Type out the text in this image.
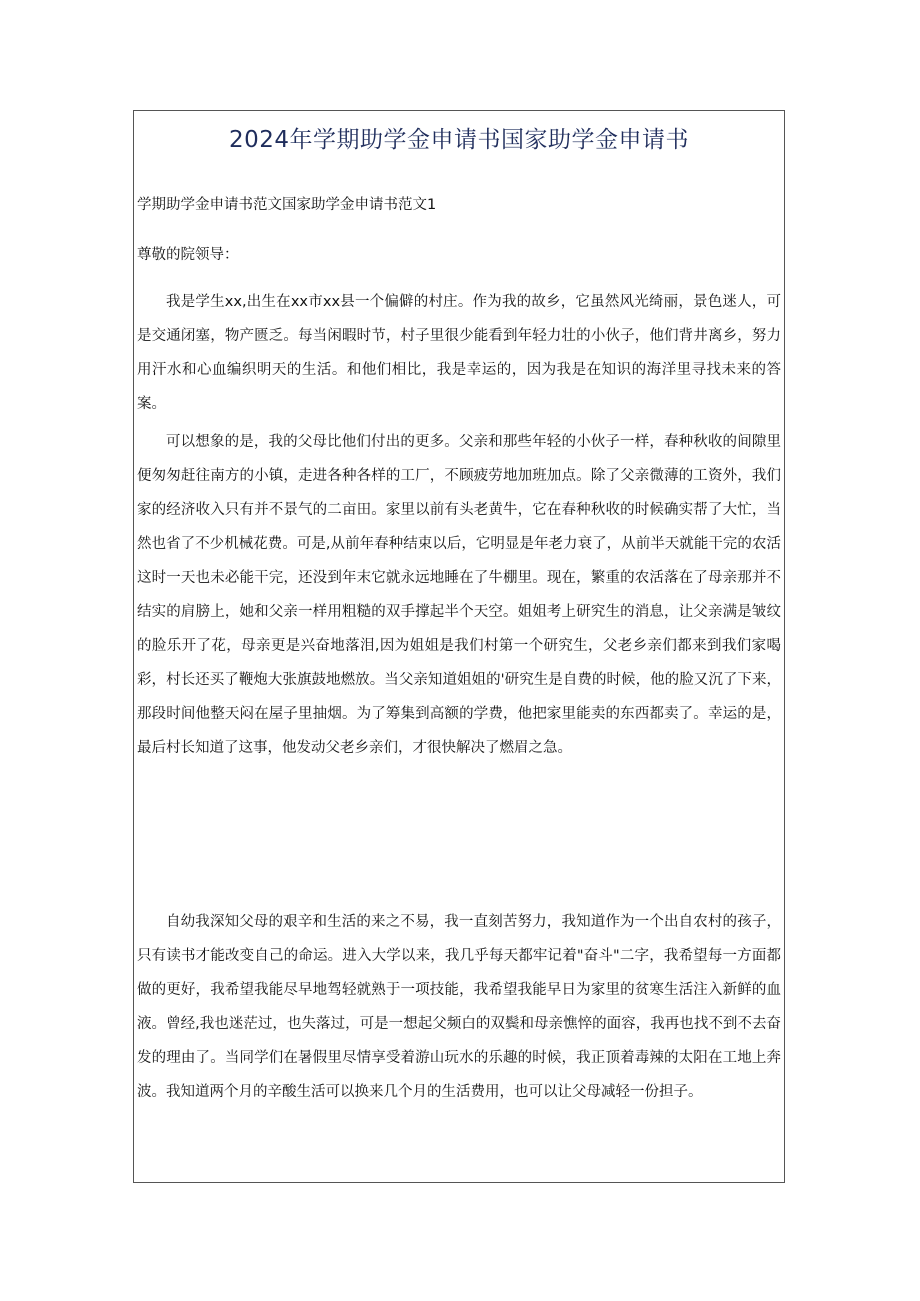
2024年学期助学金申请书国家助学金申请书

学期助学金申请书范文国家助学金申请书范文1

尊敬的院领导：

我是学生xx,出生在xx市xx县一个偏僻的村庄。作为我的故乡，它虽然风光绮丽，景色迷人，可是交通闭塞，物产匮乏。每当闲暇时节，村子里很少能看到年轻力壮的小伙子，他们背井离乡，努力用汗水和心血编织明天的生活。和他们相比，我是幸运的，因为我是在知识的海洋里寻找未来的答案。

可以想象的是，我的父母比他们付出的更多。父亲和那些年轻的小伙子一样，春种秋收的间隙里便匆匆赶往南方的小镇，走进各种各样的工厂，不顾疲劳地加班加点。除了父亲微薄的工资外，我们家的经济收入只有并不景气的二亩田。家里以前有头老黄牛，它在春种秋收的时候确实帮了大忙，当然也省了不少机械花费。可是,从前年春种结束以后，它明显是年老力衰了，从前半天就能干完的农活这时一天也未必能干完，还没到年末它就永远地睡在了牛棚里。现在，繁重的农活落在了母亲那并不结实的肩膀上，她和父亲一样用粗糙的双手撑起半个天空。姐姐考上研究生的消息，让父亲满是皱纹的脸乐开了花，母亲更是兴奋地落泪,因为姐姐是我们村第一个研究生，父老乡亲们都来到我们家喝彩，村长还买了鞭炮大张旗鼓地燃放。当父亲知道姐姐的'研究生是自费的时候，他的脸又沉了下来，那段时间他整天闷在屋子里抽烟。为了筹集到高额的学费，他把家里能卖的东西都卖了。幸运的是，最后村长知道了这事，他发动父老乡亲们，才很快解决了燃眉之急。

自幼我深知父母的艰辛和生活的来之不易，我一直刻苦努力，我知道作为一个出自农村的孩子，只有读书才能改变自己的命运。进入大学以来，我几乎每天都牢记着"奋斗"二字，我希望每一方面都做的更好，我希望我能尽早地驾轻就熟于一项技能，我希望我能早日为家里的贫寒生活注入新鲜的血液。曾经,我也迷茫过，也失落过，可是一想起父频白的双鬓和母亲憔悴的面容，我再也找不到不去奋发的理由了。当同学们在暑假里尽情享受着游山玩水的乐趣的时候，我正顶着毒辣的太阳在工地上奔波。我知道两个月的辛酸生活可以换来几个月的生活费用，也可以让父母减轻一份担子。
